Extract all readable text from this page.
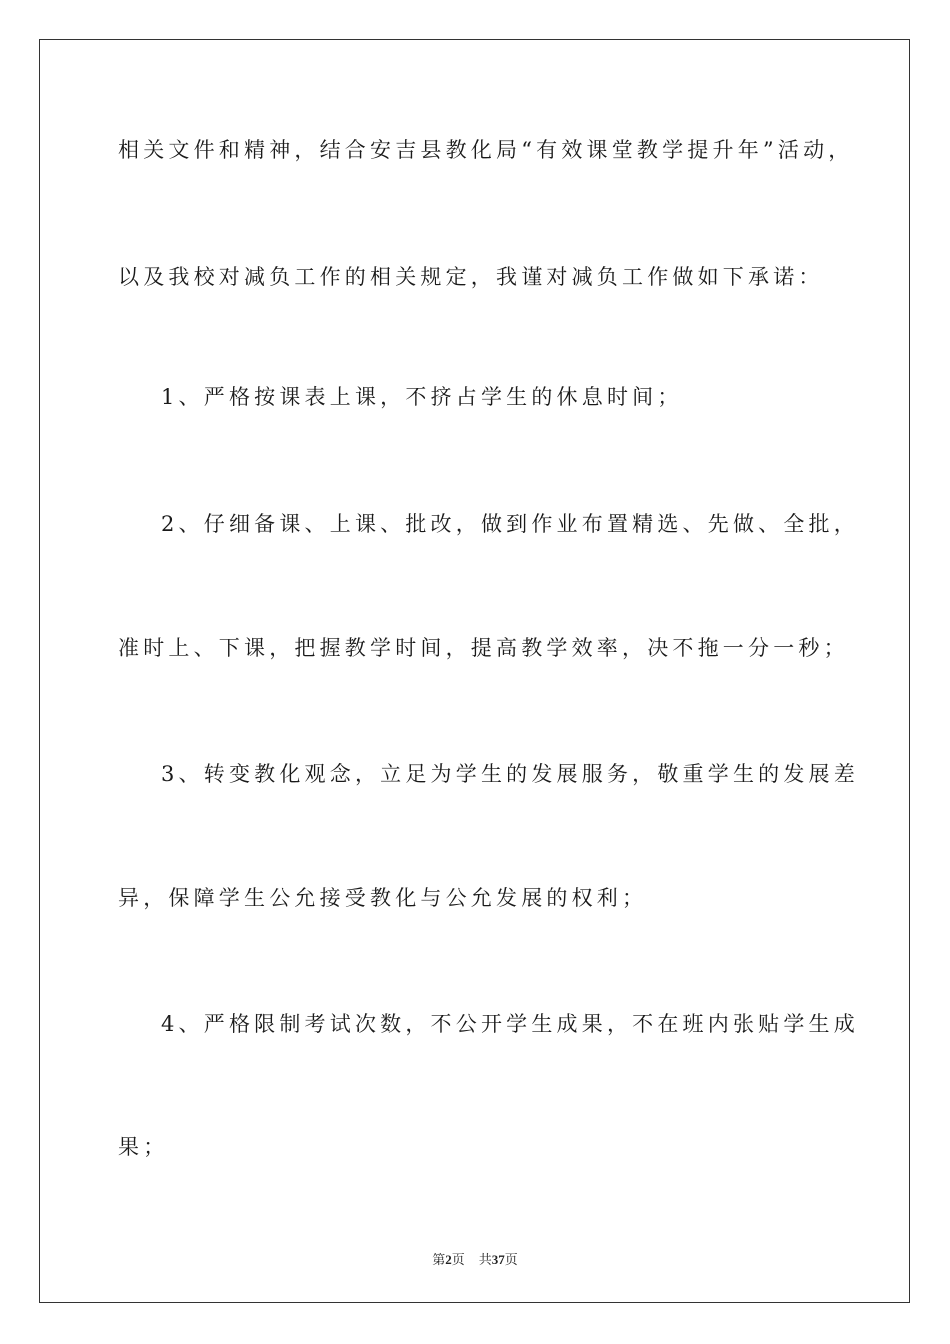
相关文件和精神，结合安吉县教化局“有效课堂教学提升年”活动，
以及我校对减负工作的相关规定，我谨对减负工作做如下承诺：
1、严格按课表上课，不挤占学生的休息时间；
2、仔细备课、上课、批改，做到作业布置精选、先做、全批，
准时上、下课，把握教学时间，提高教学效率，决不拖一分一秒；
3、转变教化观念，立足为学生的发展服务，敬重学生的发展差
异，保障学生公允接受教化与公允发展的权利；
4、严格限制考试次数，不公开学生成果，不在班内张贴学生成
果；
第2页 共37页
